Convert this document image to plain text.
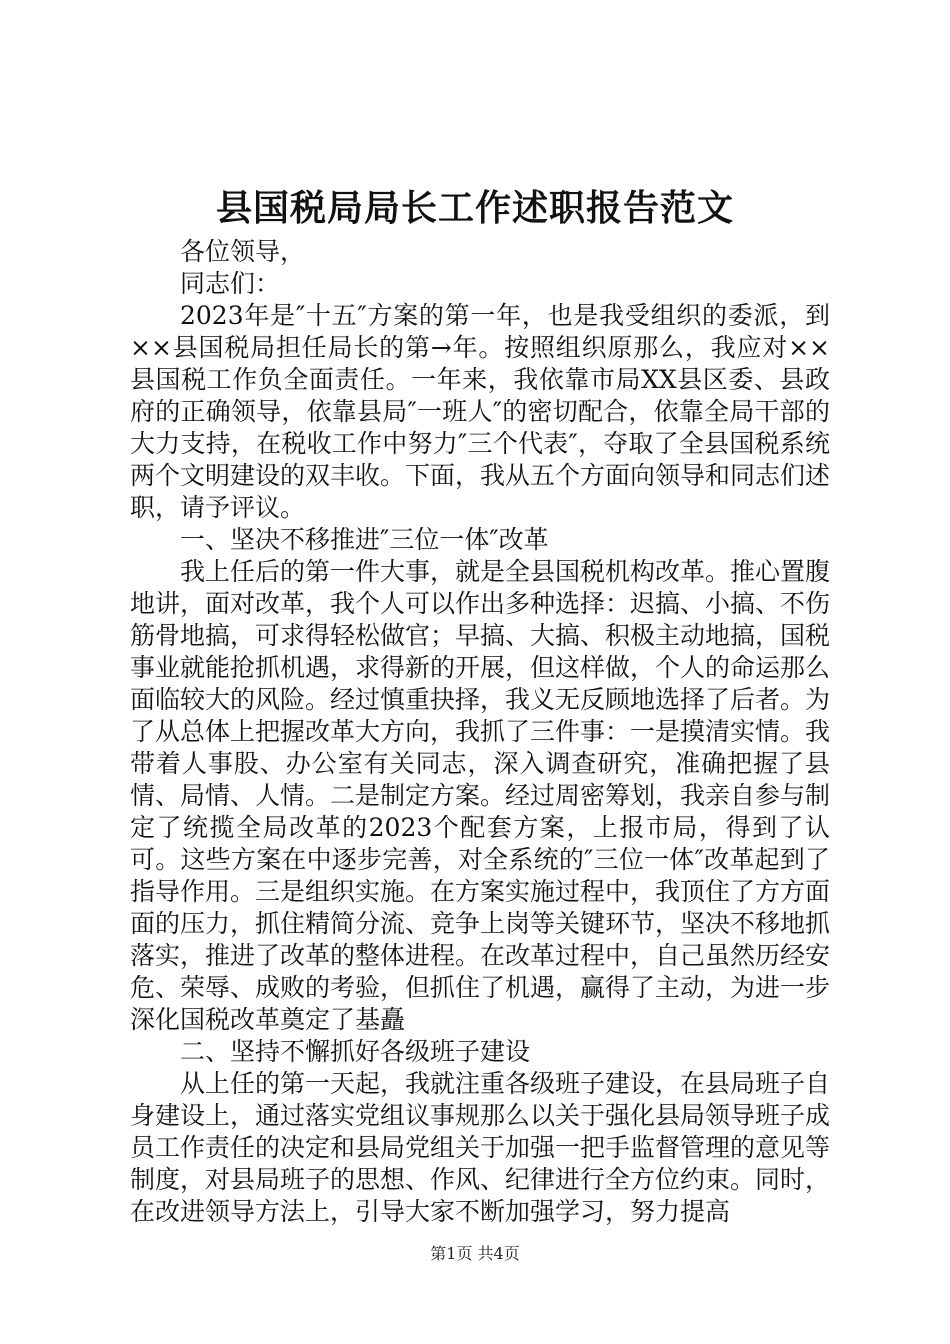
县国税局局长工作述职报告范文

各位领导，

同志们：

2023年是″十五″方案的第一年，也是我受组织的委派，到××县国税局担任局长的第→年。按照组织原那么，我应对××县国税工作负全面责任。一年来，我依靠市局XX县区委、县政府的正确领导，依靠县局″一班人″的密切配合，依靠全局干部的大力支持，在税收工作中努力″三个代表″，夺取了全县国税系统两个文明建设的双丰收。下面，我从五个方面向领导和同志们述职，请予评议。

一、坚决不移推进″三位一体″改革

我上任后的第一件大事，就是全县国税机构改革。推心置腹地讲，面对改革，我个人可以作出多种选择：迟搞、小搞、不伤筋骨地搞，可求得轻松做官；早搞、大搞、积极主动地搞，国税事业就能抢抓机遇，求得新的开展，但这样做，个人的命运那么面临较大的风险。经过慎重抉择，我义无反顾地选择了后者。为了从总体上把握改革大方向，我抓了三件事：一是摸清实情。我带着人事股、办公室有关同志，深入调查研究，准确把握了县情、局情、人情。二是制定方案。经过周密筹划，我亲自参与制定了统揽全局改革的2023个配套方案，上报市局，得到了认可。这些方案在中逐步完善，对全系统的″三位一体″改革起到了指导作用。三是组织实施。在方案实施过程中，我顶住了方方面面的压力，抓住精简分流、竞争上岗等关键环节，坚决不移地抓落实，推进了改革的整体进程。在改革过程中，自己虽然历经安危、荣辱、成败的考验，但抓住了机遇，赢得了主动，为进一步深化国税改革奠定了基矗

二、坚持不懈抓好各级班子建设

从上任的第一天起，我就注重各级班子建设，在县局班子自身建设上，通过落实党组议事规那么以关于强化县局领导班子成员工作责任的决定和县局党组关于加强一把手监督管理的意见等制度，对县局班子的思想、作风、纪律进行全方位约束。同时，在改进领导方法上，引导大家不断加强学习，努力提高

第1页 共4页
